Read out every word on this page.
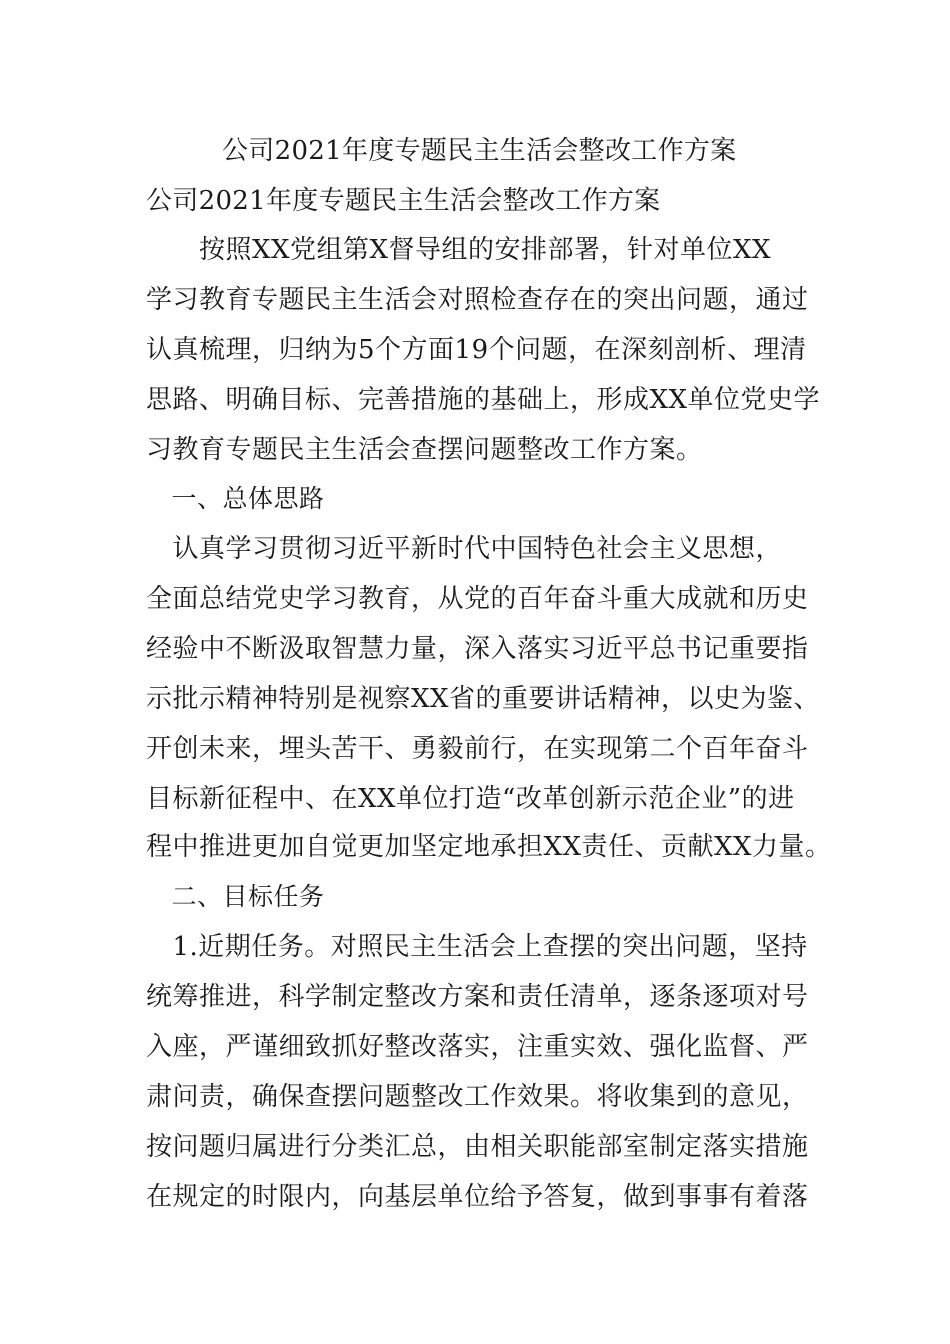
公司2021年度专题民主生活会整改工作方案
公司2021年度专题民主生活会整改工作方案
　　按照XX党组第X督导组的安排部署，针对单位XX
学习教育专题民主生活会对照检查存在的突出问题，通过
认真梳理，归纳为5个方面19个问题，在深刻剖析、理清
思路、明确目标、完善措施的基础上，形成XX单位党史学
习教育专题民主生活会查摆问题整改工作方案。
　一、总体思路
　认真学习贯彻习近平新时代中国特色社会主义思想，
全面总结党史学习教育，从党的百年奋斗重大成就和历史
经验中不断汲取智慧力量，深入落实习近平总书记重要指
示批示精神特别是视察XX省的重要讲话精神，以史为鉴、
开创未来，埋头苦干、勇毅前行，在实现第二个百年奋斗
目标新征程中、在XX单位打造“改革创新示范企业”的进
程中推进更加自觉更加坚定地承担XX责任、贡献XX力量。
　二、目标任务
　1.近期任务。对照民主生活会上查摆的突出问题，坚持
统筹推进，科学制定整改方案和责任清单，逐条逐项对号
入座，严谨细致抓好整改落实，注重实效、强化监督、严
肃问责，确保查摆问题整改工作效果。将收集到的意见，
按问题归属进行分类汇总，由相关职能部室制定落实措施
在规定的时限内，向基层单位给予答复，做到事事有着落
